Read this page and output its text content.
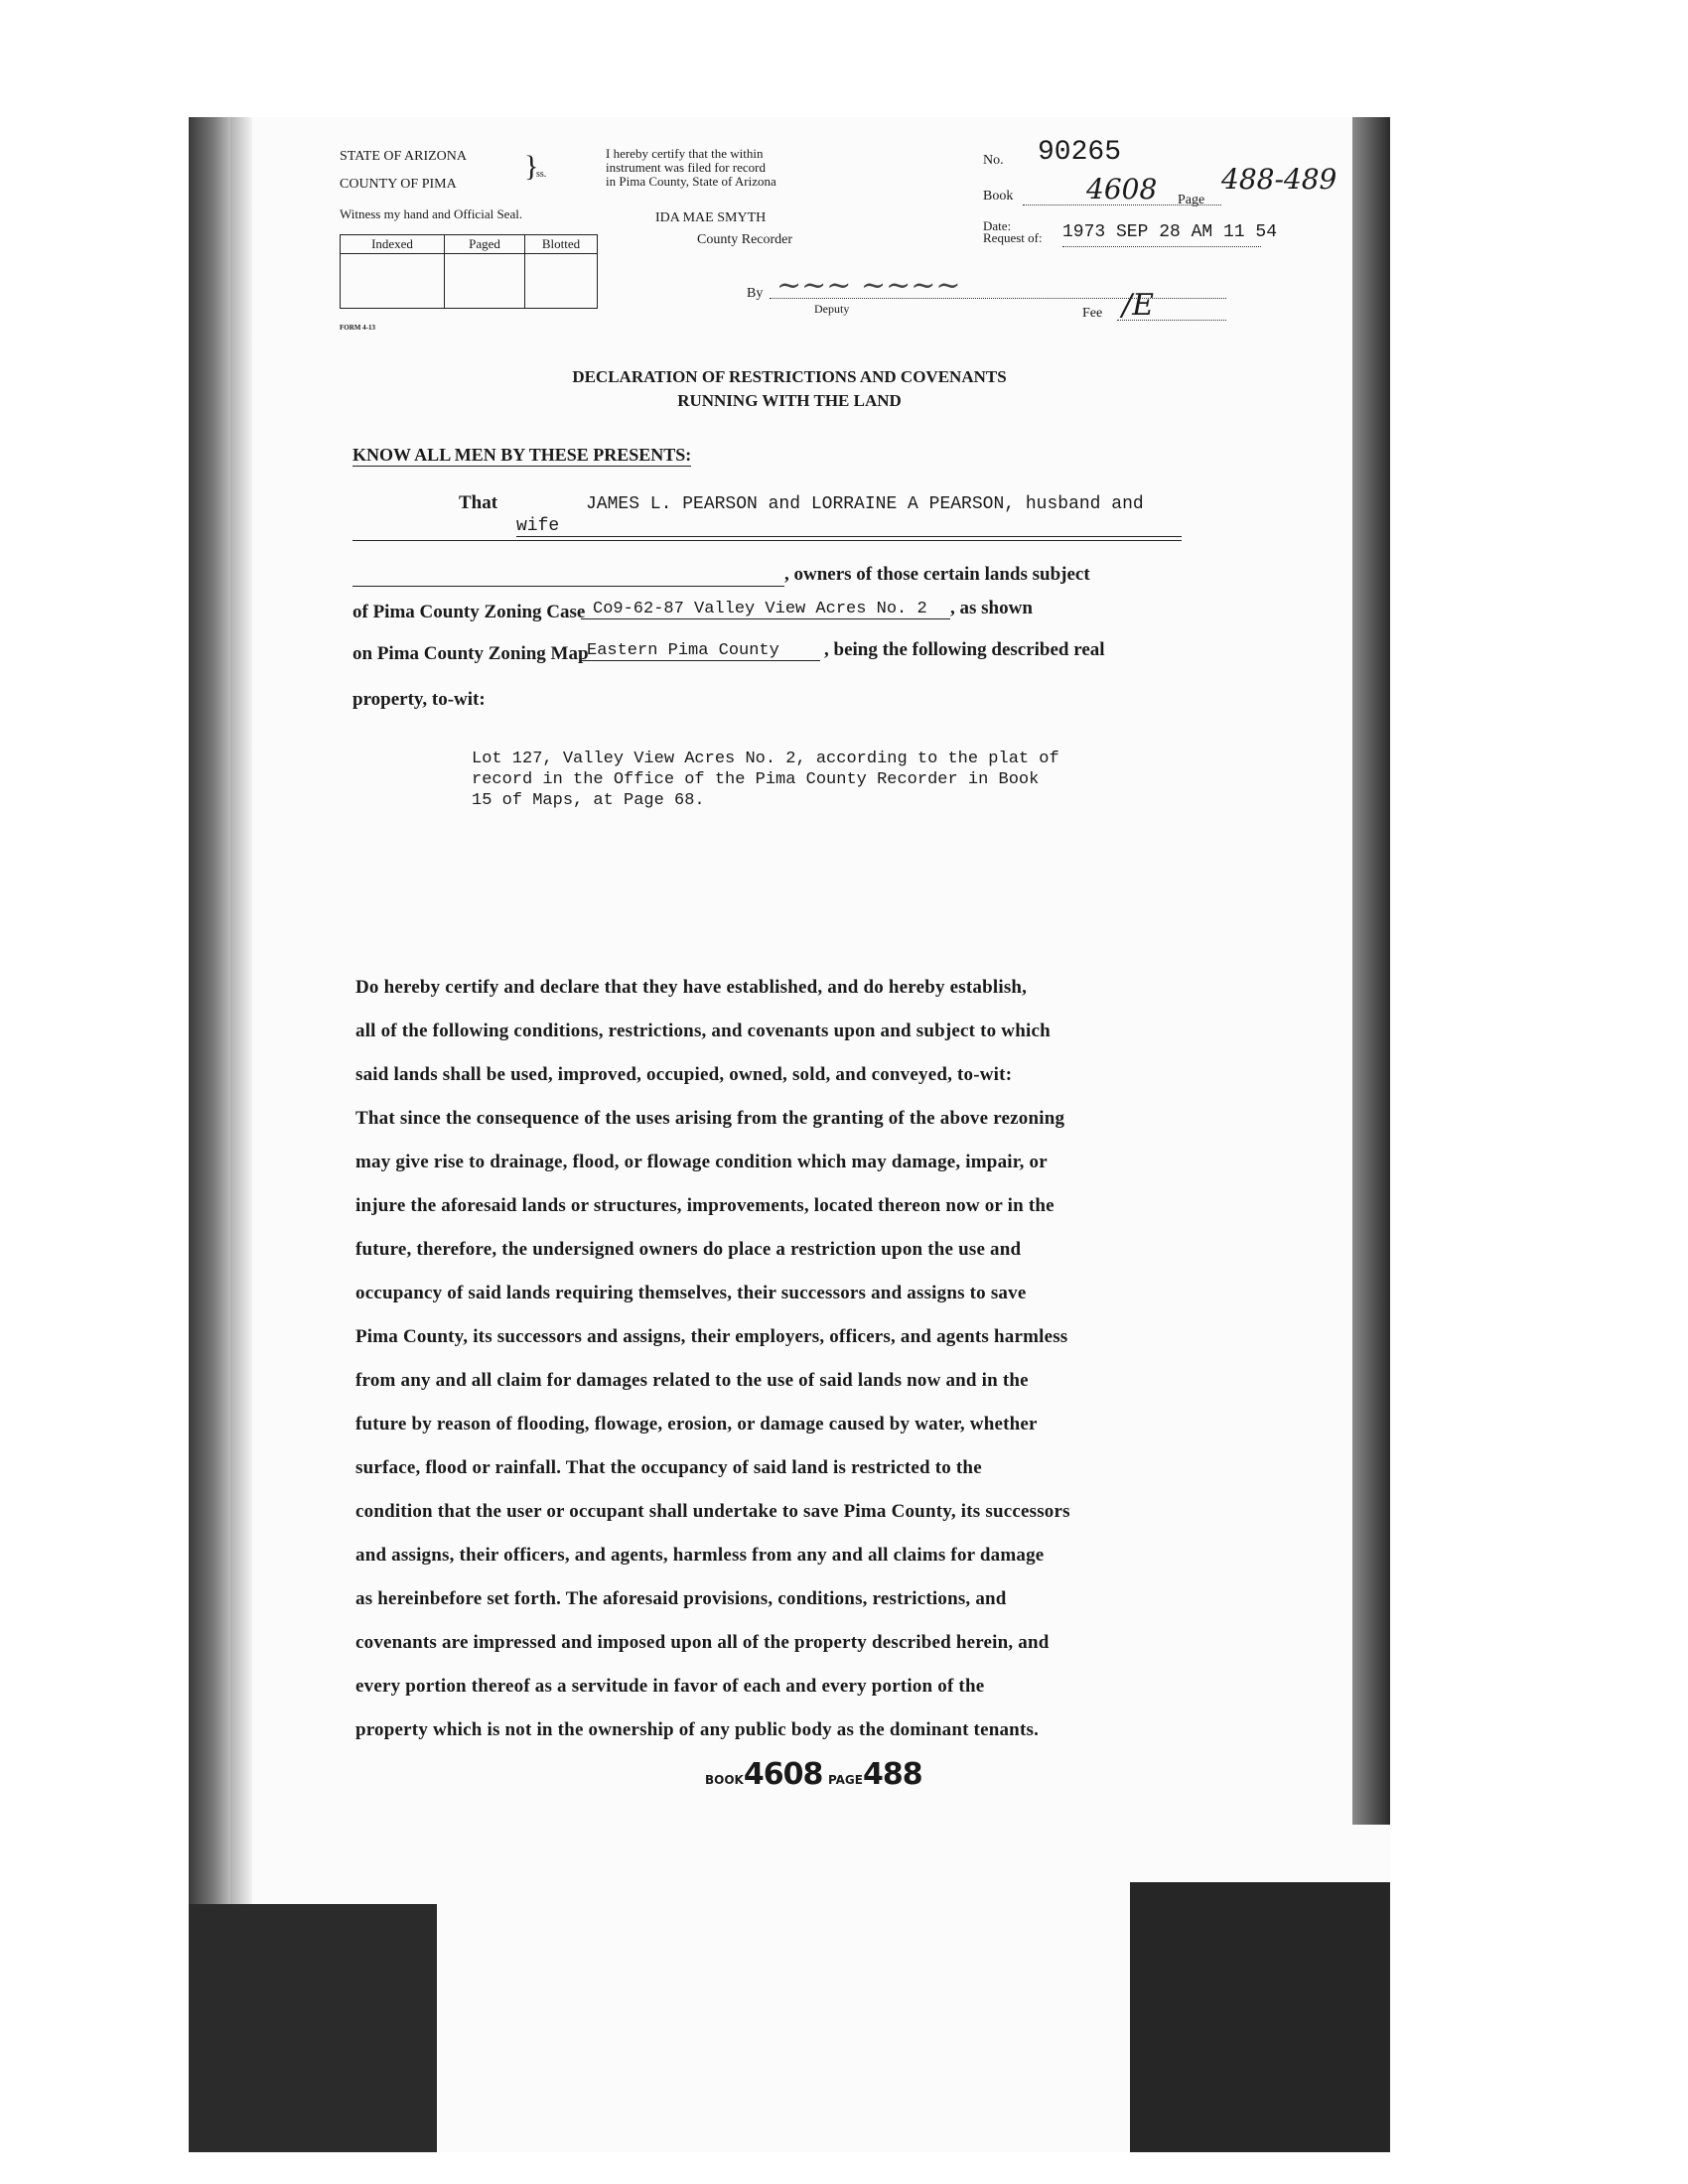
STATE OF ARIZONA
COUNTY OF PIMA
}
ss.
Witness my hand and Official Seal.
Indexed	Paged	Blotted

FORM 4-13
I hereby certify that the within
instrument was filed for record
in Pima County, State of Arizona
IDA MAE SMYTH
County Recorder
By ~~~ ~~~~
Deputy
No. 90265
Book	4608 Page
488-489
Date:
Request of: 1973 SEP 28 AM 11 54
Fee /E
DECLARATION OF RESTRICTIONS AND COVENANTS
RUNNING WITH THE LAND
KNOW ALL MEN BY THESE PRESENTS:
That	JAMES L. PEARSON and LORRAINE A PEARSON, husband and wife
, owners of those certain lands subject
of Pima County Zoning Case Co9-62-87 Valley View Acres No. 2	, as shown
on Pima County Zoning Map
Eastern Pima County	, being the following described real
property, to-wit:
Lot 127, Valley View Acres No. 2, according to the plat of
record in the Office of the Pima County Recorder in Book
15 of Maps, at Page 68.
Do hereby certify and declare that they have established, and do hereby establish,
all of the following conditions, restrictions, and covenants upon and subject to which
said lands shall be used, improved, occupied, owned, sold, and conveyed, to-wit:
That since the consequence of the uses arising from the granting of the above rezoning
may give rise to drainage, flood, or flowage condition which may damage, impair, or
injure the aforesaid lands or structures, improvements, located thereon now or in the
future, therefore, the undersigned owners do place a restriction upon the use and
occupancy of said lands requiring themselves, their successors and assigns to save
Pima County, its successors and assigns, their employers, officers, and agents harmless
from any and all claim for damages related to the use of said lands now and in the
future by reason of flooding, flowage, erosion, or damage caused by water, whether
surface, flood or rainfall. That the occupancy of said land is restricted to the
condition that the user or occupant shall undertake to save Pima County, its successors
and assigns, their officers, and agents, harmless from any and all claims for damage
as hereinbefore set forth. The aforesaid provisions, conditions, restrictions, and
covenants are impressed and imposed upon all of the property described herein, and
every portion thereof as a servitude in favor of each and every portion of the
property which is not in the ownership of any public body as the dominant tenants.
BOOK4608 PAGE488
